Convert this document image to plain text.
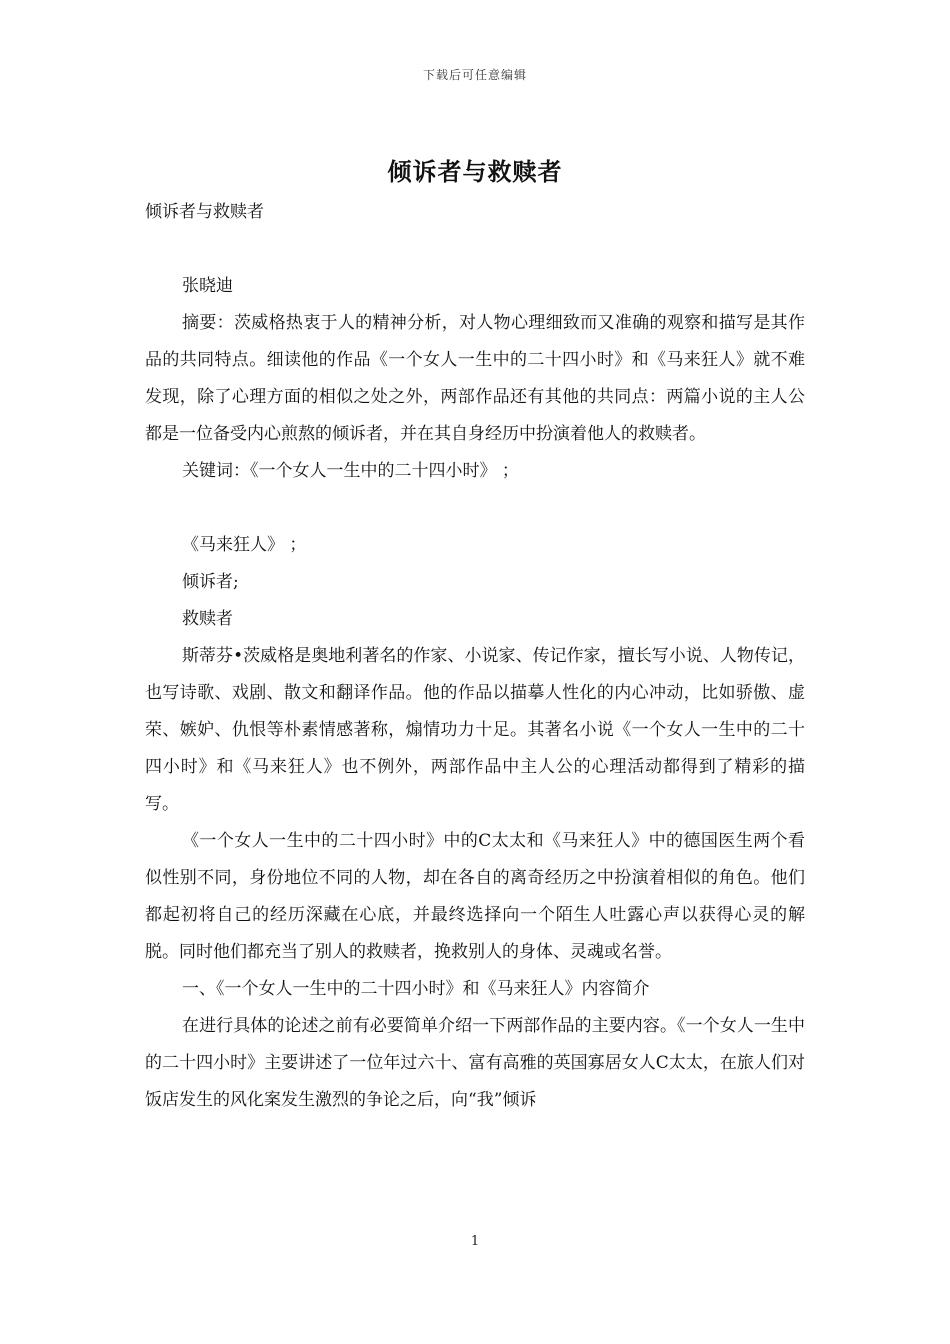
下载后可任意编辑
倾诉者与救赎者

倾诉者与救赎者

张晓迪

摘要：茨威格热衷于人的精神分析，对人物心理细致而又准确的观察和描写是其作品的共同特点。细读他的作品《一个女人一生中的二十四小时》和《马来狂人》就不难发现，除了心理方面的相似之处之外，两部作品还有其他的共同点：两篇小说的主人公都是一位备受内心煎熬的倾诉者，并在其自身经历中扮演着他人的救赎者。

关键词：《一个女人一生中的二十四小时》 ；

《马来狂人》 ；

倾诉者;

救赎者

斯蒂芬•茨威格是奥地利著名的作家、小说家、传记作家，擅长写小说、人物传记，也写诗歌、戏剧、散文和翻译作品。他的作品以描摹人性化的内心冲动，比如骄傲、虚荣、嫉妒、仇恨等朴素情感著称，煽情功力十足。其著名小说《一个女人一生中的二十四小时》和《马来狂人》也不例外，两部作品中主人公的心理活动都得到了精彩的描写。

《一个女人一生中的二十四小时》中的C太太和《马来狂人》中的德国医生两个看似性别不同，身份地位不同的人物，却在各自的离奇经历之中扮演着相似的角色。他们都起初将自己的经历深藏在心底，并最终选择向一个陌生人吐露心声以获得心灵的解脱。同时他们都充当了别人的救赎者，挽救别人的身体、灵魂或名誉。

一、《一个女人一生中的二十四小时》和《马来狂人》内容简介

在进行具体的论述之前有必要简单介绍一下两部作品的主要内容。《一个女人一生中的二十四小时》主要讲述了一位年过六十、富有高雅的英国寡居女人C太太，在旅人们对饭店发生的风化案发生激烈的争论之后，向“我”倾诉

1
